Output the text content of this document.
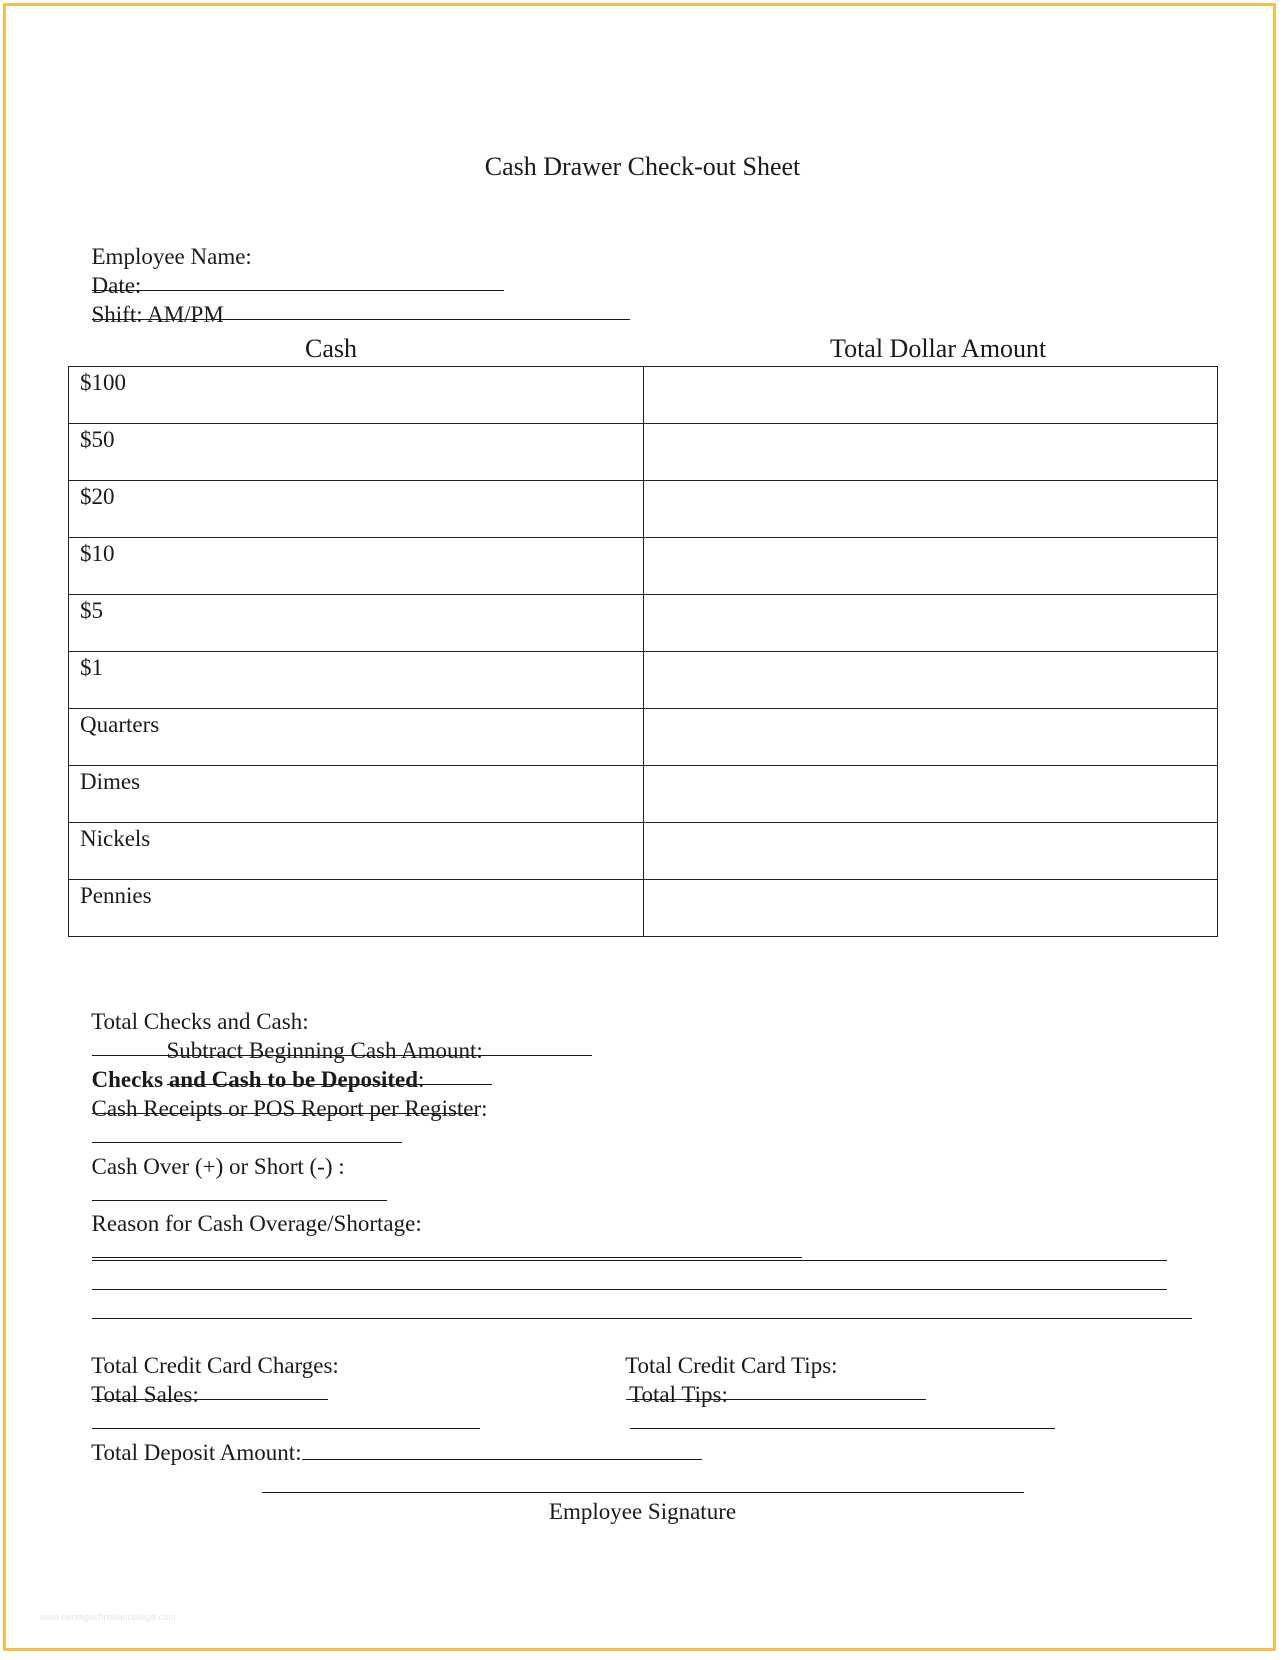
Cash Drawer Check-out Sheet

Employee Name:

Date:

Shift: AM/PM

Cash	Total Dollar Amount
$100	
$50	
$20	
$10	
$5	
$1	
Quarters	
Dimes	
Nickels	
Pennies	

Total Checks and Cash:

Subtract Beginning Cash Amount:

Checks and Cash to be Deposited:

Cash Receipts or POS Report per Register:

Cash Over (+) or Short (-) :

Reason for Cash Overage/Shortage:

Total Credit Card Charges:
	Total Credit Card Tips:

Total Sales:
	Total Tips:

Total Deposit Amount:

Employee Signature
www.heritagechristiancollege.com
